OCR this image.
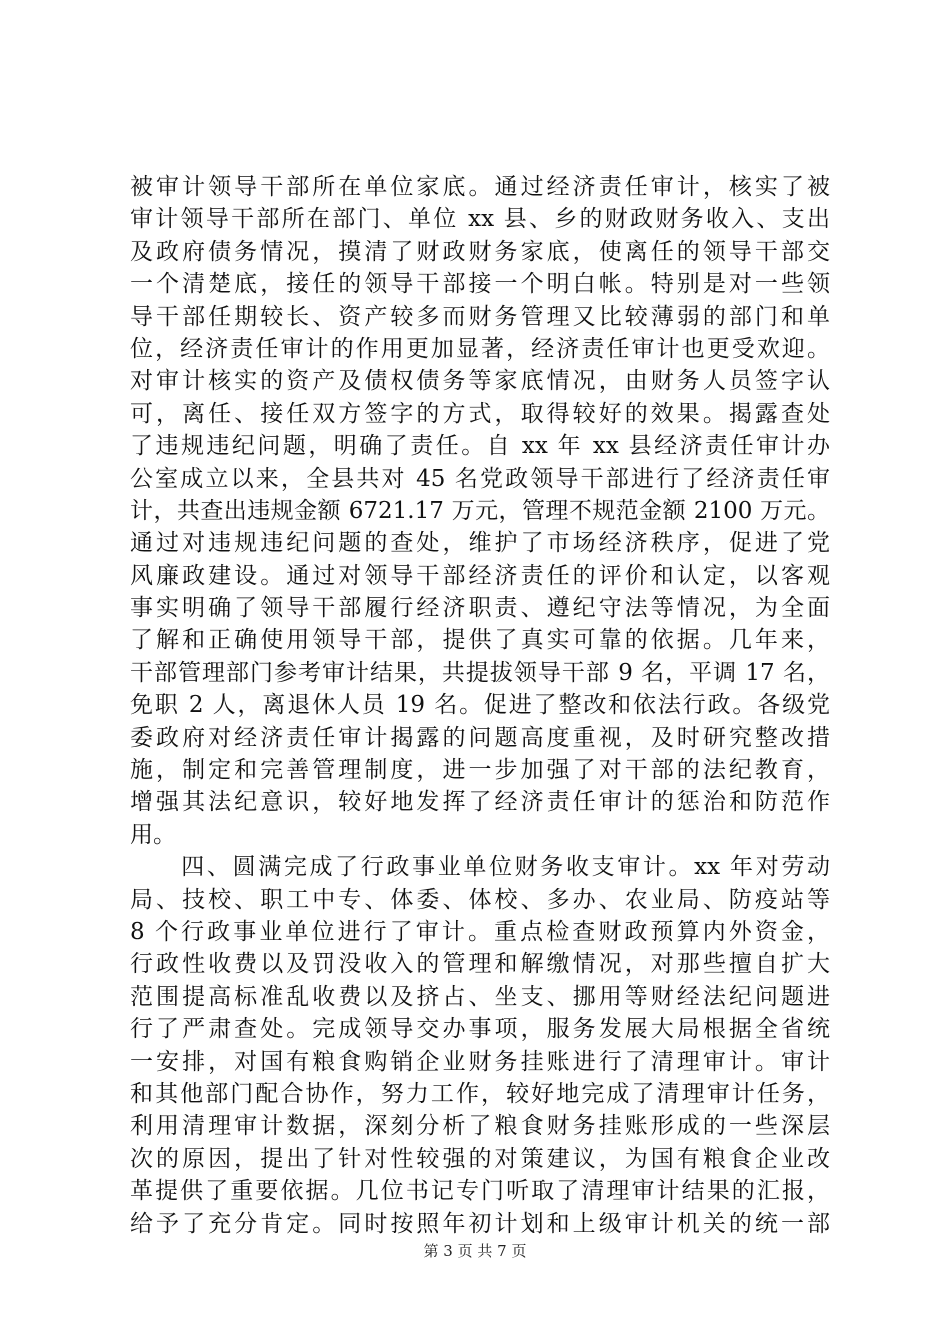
被审计领导干部所在单位家底。通过经济责任审计，核实了被
审计领导干部所在部门、单位 xx 县、乡的财政财务收入、支出
及政府债务情况，摸清了财政财务家底，使离任的领导干部交
一个清楚底，接任的领导干部接一个明白帐。特别是对一些领
导干部任期较长、资产较多而财务管理又比较薄弱的部门和单
位，经济责任审计的作用更加显著，经济责任审计也更受欢迎。
对审计核实的资产及债权债务等家底情况，由财务人员签字认
可，离任、接任双方签字的方式，取得较好的效果。揭露查处
了违规违纪问题，明确了责任。自 xx 年 xx 县经济责任审计办
公室成立以来，全县共对 45 名党政领导干部进行了经济责任审
计，共查出违规金额 6721.17 万元，管理不规范金额 2100 万元。
通过对违规违纪问题的查处，维护了市场经济秩序，促进了党
风廉政建设。通过对领导干部经济责任的评价和认定，以客观
事实明确了领导干部履行经济职责、遵纪守法等情况，为全面
了解和正确使用领导干部，提供了真实可靠的依据。几年来，
干部管理部门参考审计结果，共提拔领导干部 9 名，平调 17 名，
免职 2 人，离退休人员 19 名。促进了整改和依法行政。各级党
委政府对经济责任审计揭露的问题高度重视，及时研究整改措
施，制定和完善管理制度，进一步加强了对干部的法纪教育，
增强其法纪意识，较好地发挥了经济责任审计的惩治和防范作
用。
　　四、圆满完成了行政事业单位财务收支审计。xx 年对劳动
局、技校、职工中专、体委、体校、多办、农业局、防疫站等
8 个行政事业单位进行了审计。重点检查财政预算内外资金，
行政性收费以及罚没收入的管理和解缴情况，对那些擅自扩大
范围提高标准乱收费以及挤占、坐支、挪用等财经法纪问题进
行了严肃查处。完成领导交办事项，服务发展大局根据全省统
一安排，对国有粮食购销企业财务挂账进行了清理审计。审计
和其他部门配合协作，努力工作，较好地完成了清理审计任务，
利用清理审计数据，深刻分析了粮食财务挂账形成的一些深层
次的原因，提出了针对性较强的对策建议，为国有粮食企业改
革提供了重要依据。几位书记专门听取了清理审计结果的汇报，
给予了充分肯定。同时按照年初计划和上级审计机关的统一部
第 3 页 共 7 页
